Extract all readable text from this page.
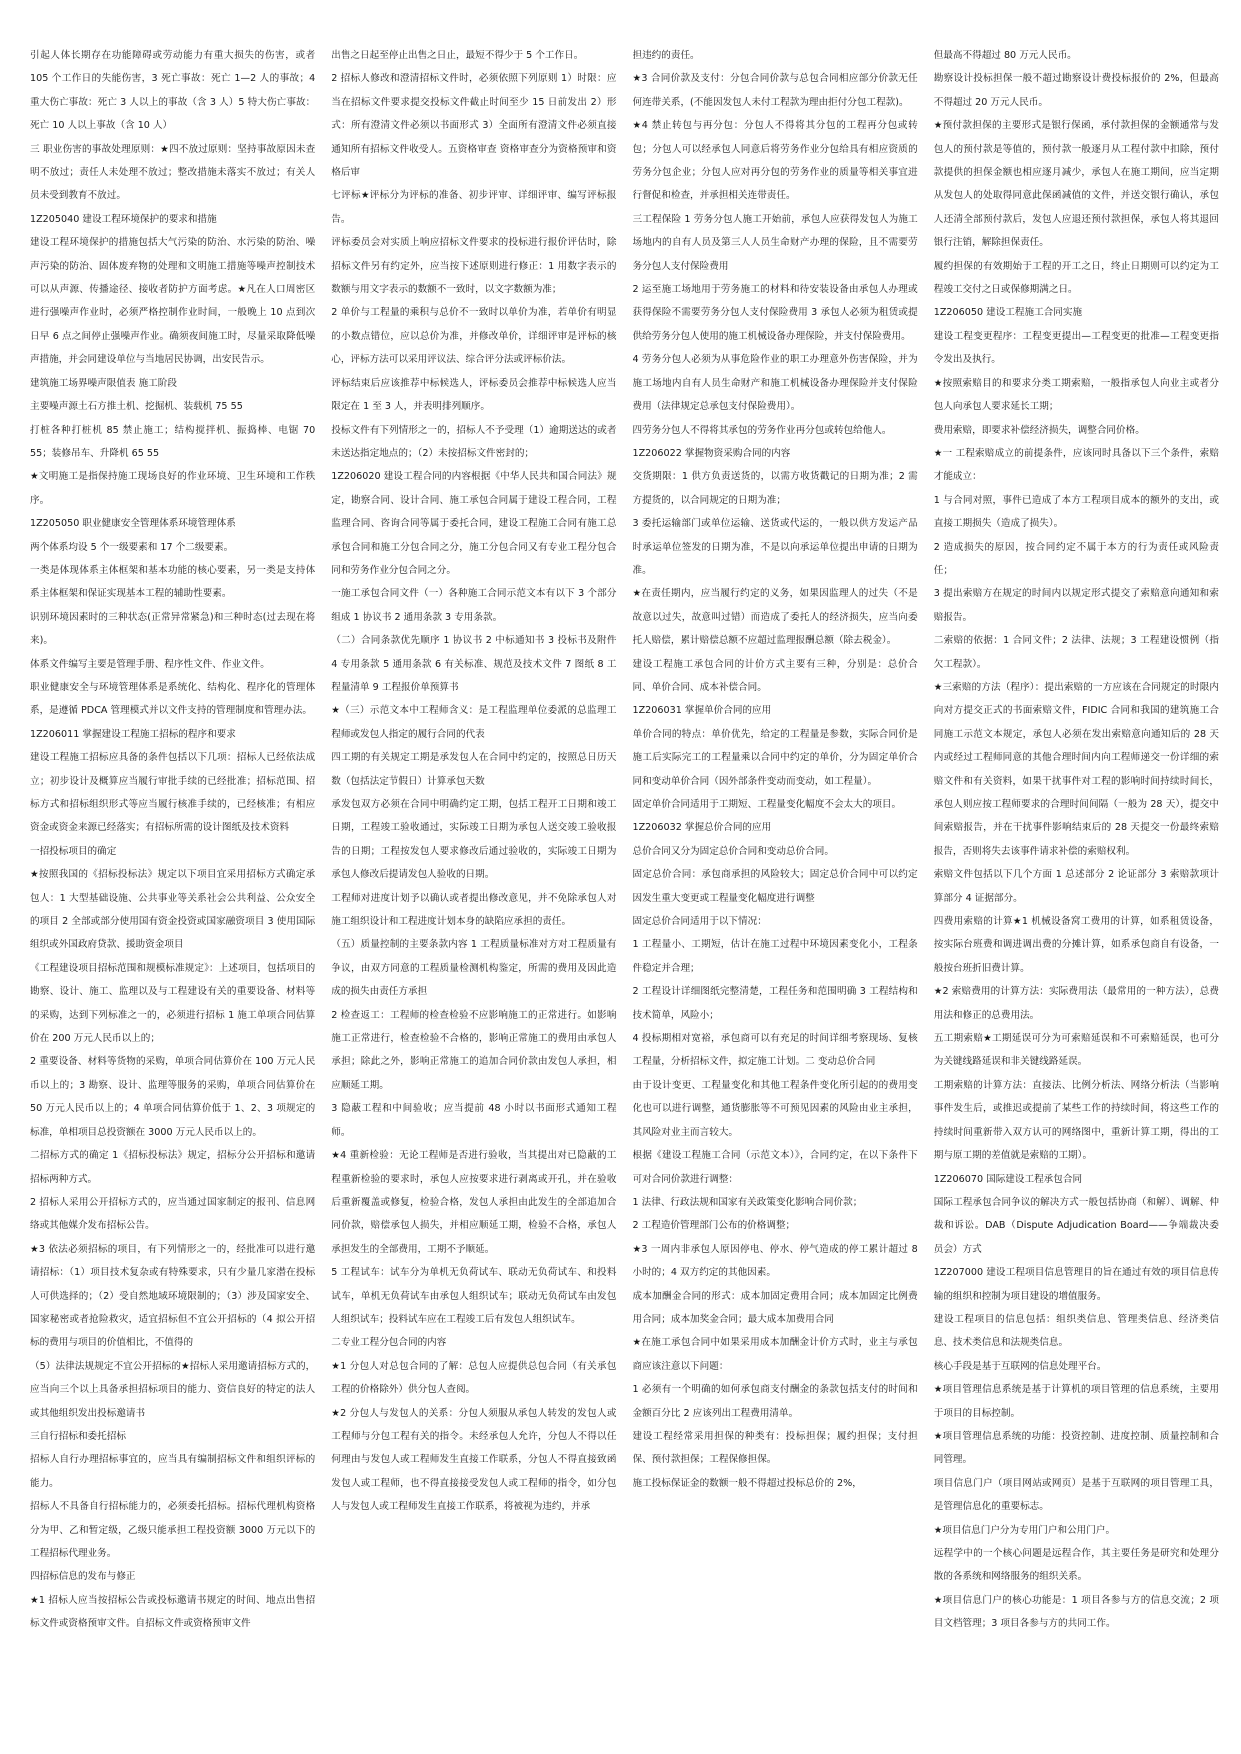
引起人体长期存在功能障碍或劳动能力有重大损失的伤害，或者 105 个工作日的失能伤害，3 死亡事故：死亡 1—2 人的事故；4 重大伤亡事故：死亡 3 人以上的事故（含 3 人）5 特大伤亡事故：死亡 10 人以上事故（含 10 人）

三 职业伤害的事故处理原则：★四不放过原则：坚持事故原因未查明不放过；责任人未处理不放过；整改措施未落实不放过；有关人员未受到教育不放过。

1Z205040 建设工程环境保护的要求和措施

建设工程环境保护的措施包括大气污染的防治、水污染的防治、噪声污染的防治、固体废弃物的处理和文明施工措施等噪声控制技术可以从声源、传播途径、接收者防护方面考虑。★凡在人口周密区进行强噪声作业时，必须严格控制作业时间，一般晚上 10 点到次日早 6 点之间停止强噪声作业。确须夜间施工时，尽量采取降低噪声措施，并会同建设单位与当地居民协调，出安民告示。

建筑施工场界噪声限值表 施工阶段

主要噪声源土石方推土机、挖掘机、装载机 75 55

打桩各种打桩机 85 禁止施工；结构搅拌机、振捣棒、电锯 70 55；装修吊车、升降机 65 55

★文明施工是指保持施工现场良好的作业环境、卫生环境和工作秩序。

1Z205050 职业健康安全管理体系环境管理体系

两个体系均设 5 个一级要素和 17 个二级要素。

一类是体现体系主体框架和基本功能的核心要素，另一类是支持体系主体框架和保证实现基本工程的辅助性要素。

识别环境因素时的三种状态(正常异常紧急)和三种时态(过去现在将来)。

体系文件编写主要是管理手册、程序性文件、作业文件。

职业健康安全与环境管理体系是系统化、结构化、程序化的管理体系，是遵循 PDCA 管理模式并以文件支持的管理制度和管理办法。

1Z206011 掌握建设工程施工招标的程序和要求

建设工程施工招标应具备的条件包括以下几项：招标人已经依法成立；初步设计及概算应当履行审批手续的已经批准；招标范围、招标方式和招标组织形式等应当履行核准手续的，已经核准；有相应资金或资金来源已经落实；有招标所需的设计图纸及技术资料

一招投标项目的确定

★按照我国的《招标投标法》规定以下项目宜采用招标方式确定承包人：1 大型基础设施、公共事业等关系社会公共利益、公众安全的项目 2 全部或部分使用国有资金投资或国家融资项目 3 使用国际组织或外国政府贷款、援助资金项目

《工程建设项目招标范围和规模标准规定》：上述项目，包括项目的勘察、设计、施工、监理以及与工程建设有关的重要设备、材料等的采购，达到下列标准之一的，必须进行招标 1 施工单项合同估算价在 200 万元人民币以上的；

2 重要设备、材料等货物的采购，单项合同估算价在 100 万元人民币以上的；3 勘察、设计、监理等服务的采购，单项合同估算价在 50 万元人民币以上的；4 单项合同估算价低于 1、2、3 项规定的标准，单相项目总投资额在 3000 万元人民币以上的。

二招标方式的确定 1《招标投标法》规定，招标分公开招标和邀请招标两种方式。

2 招标人采用公开招标方式的，应当通过国家制定的报刊、信息网络或其他媒介发布招标公告。

★3 依法必须招标的项目，有下列情形之一的，经批准可以进行邀请招标：（1）项目技术复杂或有特殊要求，只有少量几家潜在投标人可供选择的；（2）受自然地域环境限制的；（3）涉及国家安全、国家秘密或者抢险救灾，适宜招标但不宜公开招标的（4 拟公开招标的费用与项目的价值相比，不值得的

（5）法律法规规定不宜公开招标的★招标人采用邀请招标方式的，应当向三个以上具备承担招标项目的能力、资信良好的特定的法人或其他组织发出投标邀请书

三自行招标和委托招标

招标人自行办理招标事宜的，应当具有编制招标文件和组织评标的能力。

招标人不具备自行招标能力的，必须委托招标。招标代理机构资格分为甲、乙和暂定级，乙级只能承担工程投资额 3000 万元以下的工程招标代理业务。

四招标信息的发布与修正

★1 招标人应当按招标公告或投标邀请书规定的时间、地点出售招标文件或资格预审文件。自招标文件或资格预审文件

出售之日起至停止出售之日止，最短不得少于 5 个工作日。

2 招标人修改和澄清招标文件时，必须依照下列原则 1）时限：应当在招标文件要求提交投标文件截止时间至少 15 日前发出 2）形式：所有澄清文件必须以书面形式 3）全面所有澄清文件必须直接通知所有招标文件收受人。五资格审查 资格审查分为资格预审和资格后审

七评标★评标分为评标的准备、初步评审、详细评审、编写评标报告。

评标委员会对实质上响应招标文件要求的投标进行报价评估时，除招标文件另有约定外，应当按下述原则进行修正：1 用数字表示的数额与用文字表示的数额不一致时，以文字数额为准；

2 单价与工程量的乘积与总价不一致时以单价为准，若单价有明显的小数点错位，应以总价为准，并修改单价，详细评审是评标的核心，评标方法可以采用评议法、综合评分法或评标价法。

评标结束后应该推荐中标候选人，评标委员会推荐中标候选人应当限定在 1 至 3 人，并表明排列顺序。

投标文件有下列情形之一的，招标人不予受理（1）逾期送达的或者未送达指定地点的；（2）未按招标文件密封的；

1Z206020 建设工程合同的内容根据《中华人民共和国合同法》规定，勘察合同、设计合同、施工承包合同属于建设工程合同，工程监理合同、咨询合同等属于委托合同，建设工程施工合同有施工总承包合同和施工分包合同之分，施工分包合同又有专业工程分包合同和劳务作业分包合同之分。

一施工承包合同文件（一）各种施工合同示范文本有以下 3 个部分组成 1 协议书 2 通用条款 3 专用条款。

（二）合同条款优先顺序 1 协议书 2 中标通知书 3 投标书及附件 4 专用条款 5 通用条款 6 有关标准、规范及技术文件 7 图纸 8 工程量清单 9 工程报价单预算书

★（三）示范文本中工程师含义：是工程监理单位委派的总监理工程师或发包人指定的履行合同的代表

四工期的有关规定工期是承发包人在合同中约定的，按照总日历天数（包括法定节假日）计算承包天数

承发包双方必须在合同中明确约定工期，包括工程开工日期和竣工日期，工程竣工验收通过，实际竣工日期为承包人送交竣工验收报告的日期；工程按发包人要求修改后通过验收的，实际竣工日期为承包人修改后提请发包人验收的日期。

工程师对进度计划予以确认或者提出修改意见，并不免除承包人对施工组织设计和工程进度计划本身的缺陷应承担的责任。

（五）质量控制的主要条款内容 1 工程质量标准对方对工程质量有争议，由双方同意的工程质量检测机构鉴定，所需的费用及因此造成的损失由责任方承担

2 检查返工：工程师的检查检验不应影响施工的正常进行。如影响施工正常进行，检查检验不合格的，影响正常施工的费用由承包人承担；除此之外，影响正常施工的追加合同价款由发包人承担，相应顺延工期。

3 隐蔽工程和中间验收；应当提前 48 小时以书面形式通知工程师。

★4 重新检验：无论工程师是否进行验收，当其提出对已隐蔽的工程重新检验的要求时，承包人应按要求进行剥离或开孔，并在验收后重新覆盖或修复，检验合格，发包人承担由此发生的全部追加合同价款，赔偿承包人损失，并相应顺延工期，检验不合格，承包人承担发生的全部费用，工期不予顺延。

5 工程试车：试车分为单机无负荷试车、联动无负荷试车、和投料试车，单机无负荷试车由承包人组织试车；联动无负荷试车由发包人组织试车；投料试车应在工程竣工后有发包人组织试车。

二专业工程分包合同的内容

★1 分包人对总包合同的了解：总包人应提供总包合同（有关承包工程的价格除外）供分包人查阅。

★2 分包人与发包人的关系：分包人须服从承包人转发的发包人或工程师与分包工程有关的指令。未经承包人允许，分包人不得以任何理由与发包人或工程师发生直接工作联系，分包人不得直接致函发包人或工程师，也不得直接接受发包人或工程师的指令，如分包人与发包人或工程师发生直接工作联系，将被视为违约，并承

担违约的责任。

★3 合同价款及支付：分包合同价款与总包合同相应部分价款无任何连带关系，(不能因发包人未付工程款为理由拒付分包工程款)。

★4 禁止转包与再分包：分包人不得将其分包的工程再分包或转包；分包人可以经承包人同意后将劳务作业分包给具有相应资质的劳务分包企业；分包人应对再分包的劳务作业的质量等相关事宜进行督促和检查，并承担相关连带责任。

三工程保险 1 劳务分包人施工开始前，承包人应获得发包人为施工场地内的自有人员及第三人人员生命财产办理的保险，且不需要劳务分包人支付保险费用

2 运至施工场地用于劳务施工的材料和待安装设备由承包人办理或获得保险不需要劳务分包人支付保险费用 3 承包人必须为租赁或提供给劳务分包人使用的施工机械设备办理保险，并支付保险费用。

4 劳务分包人必须为从事危险作业的职工办理意外伤害保险，并为施工场地内自有人员生命财产和施工机械设备办理保险并支付保险费用（法律规定总承包支付保险费用）。

四劳务分包人不得将其承包的劳务作业再分包或转包给他人。

1Z206022 掌握物资采购合同的内容

交货期限：1 供方负责送货的，以需方收货戳记的日期为准；2 需方提货的，以合同规定的日期为准；

3 委托运输部门或单位运输、送货或代运的，一般以供方发运产品时承运单位签发的日期为准，不是以向承运单位提出申请的日期为准。

★在责任期内，应当履行约定的义务，如果因监理人的过失（不是故意以过失，故意叫过错）而造成了委托人的经济损失，应当向委托人赔偿，累计赔偿总额不应超过监理报酬总额（除去税金）。

建设工程施工承包合同的计价方式主要有三种，分别是：总价合同、单价合同、成本补偿合同。

1Z206031 掌握单价合同的应用

单价合同的特点：单价优先，给定的工程量是参数，实际合同价是施工后实际完工的工程量乘以合同中约定的单价，分为固定单价合同和变动单价合同（因外部条件变动而变动，如工程量）。

固定单价合同适用于工期短、工程量变化幅度不会太大的项目。

1Z206032 掌握总价合同的应用

总价合同又分为固定总价合同和变动总价合同。

固定总价合同：承包商承担的风险较大；固定总价合同中可以约定因发生重大变更或工程量变化幅度进行调整

固定总价合同适用于以下情况：

1 工程量小、工期短，估计在施工过程中环境因素变化小，工程条件稳定并合理；

2 工程设计详细图纸完整清楚，工程任务和范围明确 3 工程结构和技术简单，风险小；

4 投标期相对宽裕，承包商可以有充足的时间详细考察现场、复核工程量，分析招标文件，拟定施工计划。二 变动总价合同

由于设计变更、工程量变化和其他工程条件变化所引起的的费用变化也可以进行调整，通货膨胀等不可预见因素的风险由业主承担，其风险对业主而言较大。

根据《建设工程施工合同（示范文本）》，合同约定，在以下条件下可对合同价款进行调整：

1 法律、行政法规和国家有关政策变化影响合同价款；

2 工程造价管理部门公布的价格调整；

★3 一周内非承包人原因停电、停水、停气造成的停工累计超过 8 小时的；4 双方约定的其他因素。

成本加酬金合同的形式：成本加固定费用合同；成本加固定比例费用合同；成本加奖金合同；最大成本加费用合同

★在施工承包合同中如果采用成本加酬金计价方式时，业主与承包商应该注意以下问题：

1 必须有一个明确的如何承包商支付酬金的条款包括支付的时间和金额百分比 2 应该列出工程费用清单。

建设工程经常采用担保的种类有：投标担保；履约担保；支付担保、预付款担保；工程保修担保。

施工投标保证金的数额一般不得超过投标总价的 2%，

但最高不得超过 80 万元人民币。

勘察设计投标担保一般不超过勘察设计费投标报价的 2%，但最高不得超过 20 万元人民币。

★预付款担保的主要形式是银行保函，承付款担保的金额通常与发包人的预付款是等值的，预付款一般逐月从工程付款中扣除，预付款提供的担保金额也相应逐月减少，承包人在施工期间，应当定期从发包人的处取得同意此保函减值的文件，并送交银行确认，承包人还清全部预付款后，发包人应退还预付款担保，承包人将其退回银行注销，解除担保责任。

履约担保的有效期始于工程的开工之日，终止日期则可以约定为工程竣工交付之日或保修期满之日。

1Z206050 建设工程施工合同实施

建设工程变更程序：工程变更提出—工程变更的批准—工程变更指令发出及执行。

★按照索赔目的和要求分类工期索赔，一般指承包人向业主或者分包人向承包人要求延长工期；

费用索赔，即要求补偿经济损失，调整合同价格。

★一 工程索赔成立的前提条件，应该同时具备以下三个条件，索赔才能成立：

1 与合同对照，事件已造成了本方工程项目成本的额外的支出，或直接工期损失（造成了损失）。

2 造成损失的原因，按合同约定不属于本方的行为责任或风险责任；

3 提出索赔方在规定的时间内以规定形式提交了索赔意向通知和索赔报告。

二索赔的依据：1 合同文件；2 法律、法规；3 工程建设惯例（指欠工程款）。

★三索赔的方法（程序）：提出索赔的一方应该在合同规定的时限内向对方提交正式的书面索赔文件，FIDIC 合同和我国的建筑施工合同施工示范文本规定，承包人必须在发出索赔意向通知后的 28 天内或经过工程师同意的其他合理时间内向工程师递交一份详细的索赔文件和有关资料，如果干扰事件对工程的影响时间持续时间长，承包人则应按工程师要求的合理时间间隔（一般为 28 天），提交中间索赔报告，并在干扰事件影响结束后的 28 天提交一份最终索赔报告，否则将失去该事件请求补偿的索赔权利。

索赔文件包括以下几个方面 1 总述部分 2 论证部分 3 索赔款项计算部分 4 证据部分。

四费用索赔的计算★1 机械设备窝工费用的计算，如系租赁设备，按实际台班费和调进调出费的分摊计算，如系承包商自有设备，一般按台班折旧费计算。

★2 索赔费用的计算方法：实际费用法（最常用的一种方法），总费用法和修正的总费用法。

五工期索赔★工期延误可分为可索赔延误和不可索赔延误，也可分为关键线路延误和非关键线路延误。

工期索赔的计算方法：直接法、比例分析法、网络分析法（当影响事件发生后，或推迟或提前了某些工作的持续时间，将这些工作的持续时间重新带入双方认可的网络图中，重新计算工期，得出的工期与原工期的差值就是索赔的工期）。

1Z206070 国际建设工程承包合同

国际工程承包合同争议的解决方式一般包括协商（和解）、调解、仲裁和诉讼。DAB（Dispute Adjudication Board——争端裁决委员会）方式

1Z207000 建设工程项目信息管理目的旨在通过有效的项目信息传输的组织和控制为项目建设的增值服务。

建设工程项目的信息包括：组织类信息、管理类信息、经济类信息、技术类信息和法规类信息。

核心手段是基于互联网的信息处理平台。

★项目管理信息系统是基于计算机的项目管理的信息系统，主要用于项目的目标控制。

★项目管理信息系统的功能：投资控制、进度控制、质量控制和合同管理。

项目信息门户（项目网站或网页）是基于互联网的项目管理工具，是管理信息化的重要标志。

★项目信息门户分为专用门户和公用门户。

远程学中的一个核心问题是远程合作，其主要任务是研究和处理分散的各系统和网络服务的组织关系。

★项目信息门户的核心功能是：1 项目各参与方的信息交流；2 项目文档管理；3 项目各参与方的共同工作。
